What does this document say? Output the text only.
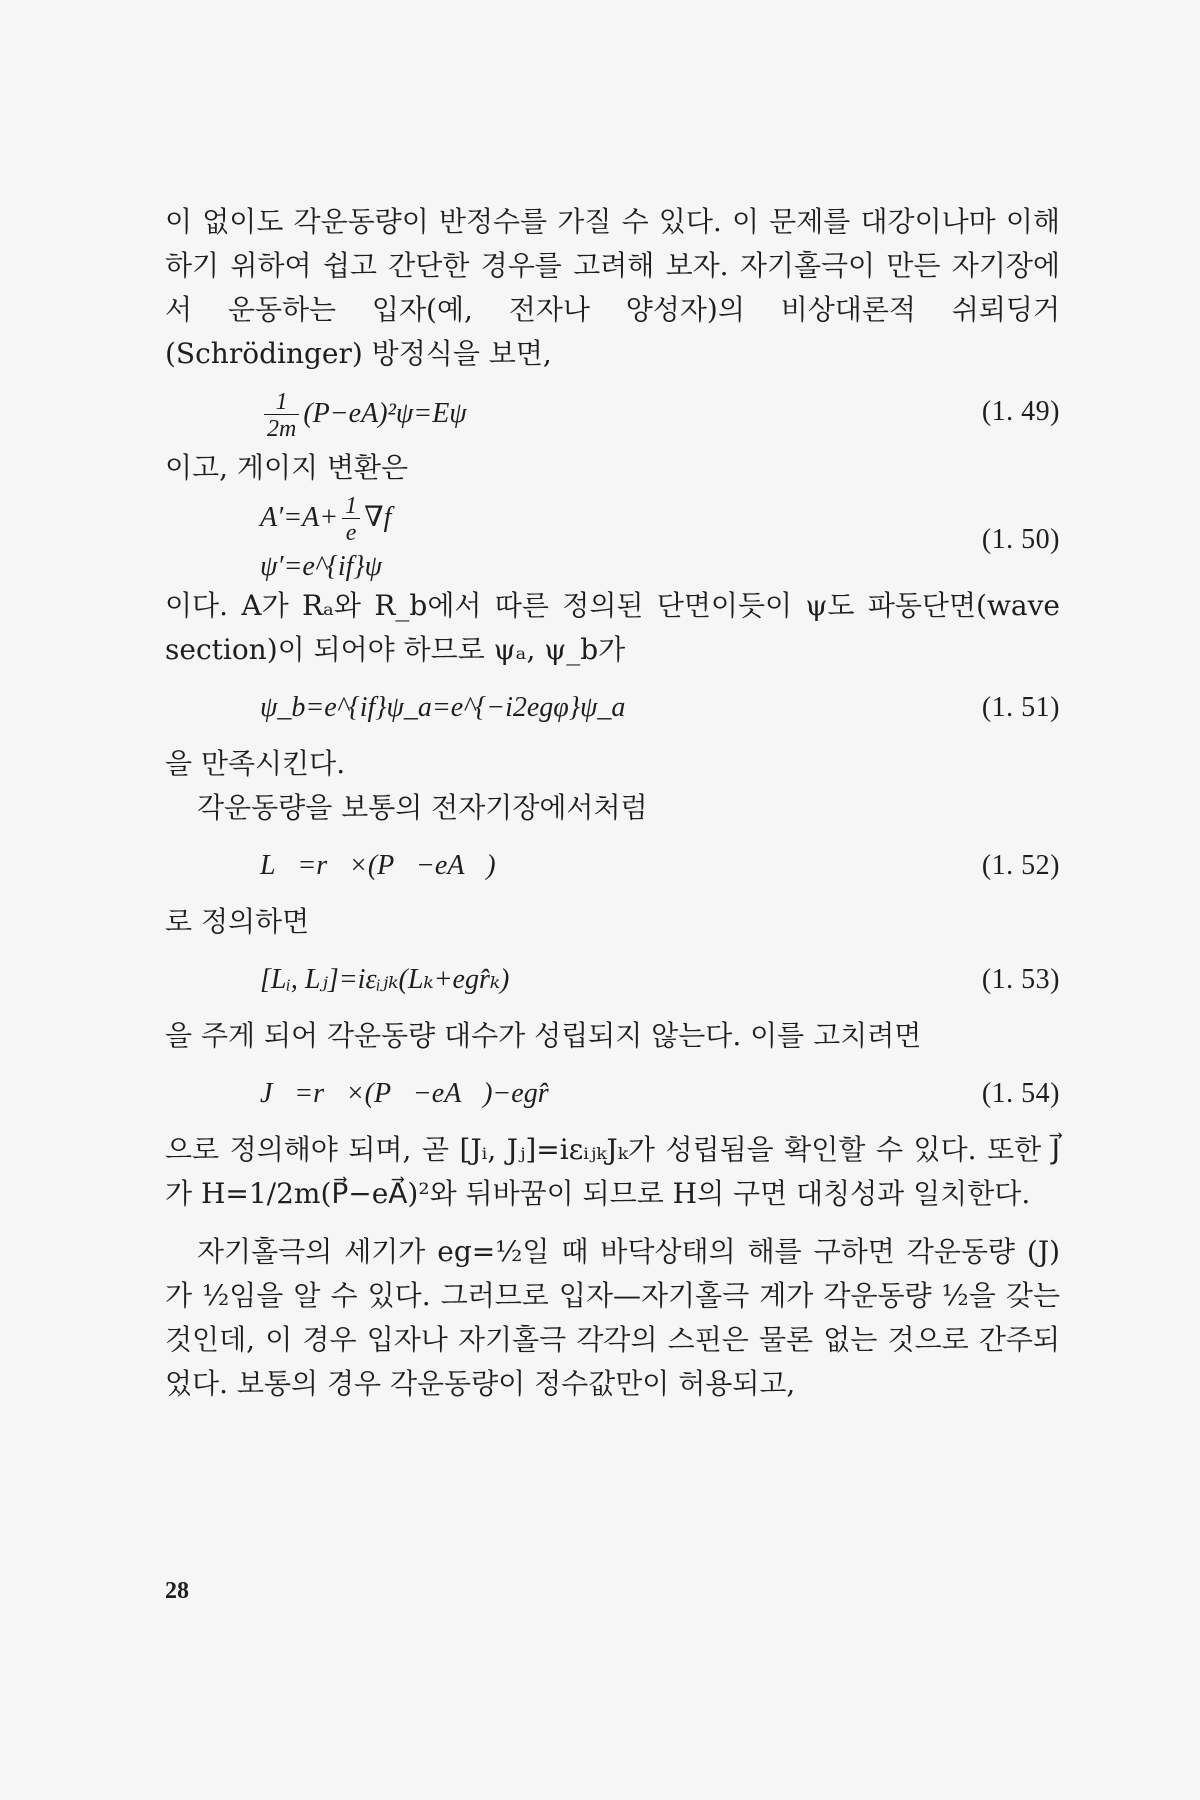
이 없이도 각운동량이 반정수를 가질 수 있다. 이 문제를 대강이나마 이해하기 위하여 쉽고 간단한 경우를 고려해 보자. 자기홀극이 만든 자기장에서 운동하는 입자(예, 전자나 양성자)의 비상대론적 쉬뢰딩거(Schrödinger) 방정식을 보면,

$\frac{1}{2m} (P-eA)^2\psi=E\psi$	(1. 49)

이고, 게이지 변환은

$A'=A+ \frac{1}{e} \nabla f$
ψ′=e^{if}ψ
(1. 50)

이다. A가 Rₐ와 R_b에서 따른 정의된 단면이듯이 ψ도 파동단면(wave section)이 되어야 하므로 ψₐ, ψ_b가

ψ_b=e^{if}ψ_a=e^{−i2egφ}ψ_a	(1. 51)

을 만족시킨다.

각운동량을 보통의 전자기장에서처럼

L⃗=r⃗×(P⃗−eA⃗)	(1. 52)

로 정의하면

[Lᵢ, Lⱼ]=iεᵢⱼₖ(Lₖ+egr̂ₖ)	(1. 53)

을 주게 되어 각운동량 대수가 성립되지 않는다. 이를 고치려면

J⃗=r⃗×(P⃗−eA⃗)−egr̂	(1. 54)

으로 정의해야 되며, 곧 [Jᵢ, Jⱼ]=iεᵢⱼₖJₖ가 성립됨을 확인할 수 있다. 또한 J⃗가 H=1/2m(P⃗−eA⃗)²와 뒤바꿈이 되므로 H의 구면 대칭성과 일치한다.

자기홀극의 세기가 eg=½일 때 바닥상태의 해를 구하면 각운동량 (J)가 ½임을 알 수 있다. 그러므로 입자—자기홀극 계가 각운동량 ½을 갖는 것인데, 이 경우 입자나 자기홀극 각각의 스핀은 물론 없는 것으로 간주되었다. 보통의 경우 각운동량이 정수값만이 허용되고,

28
